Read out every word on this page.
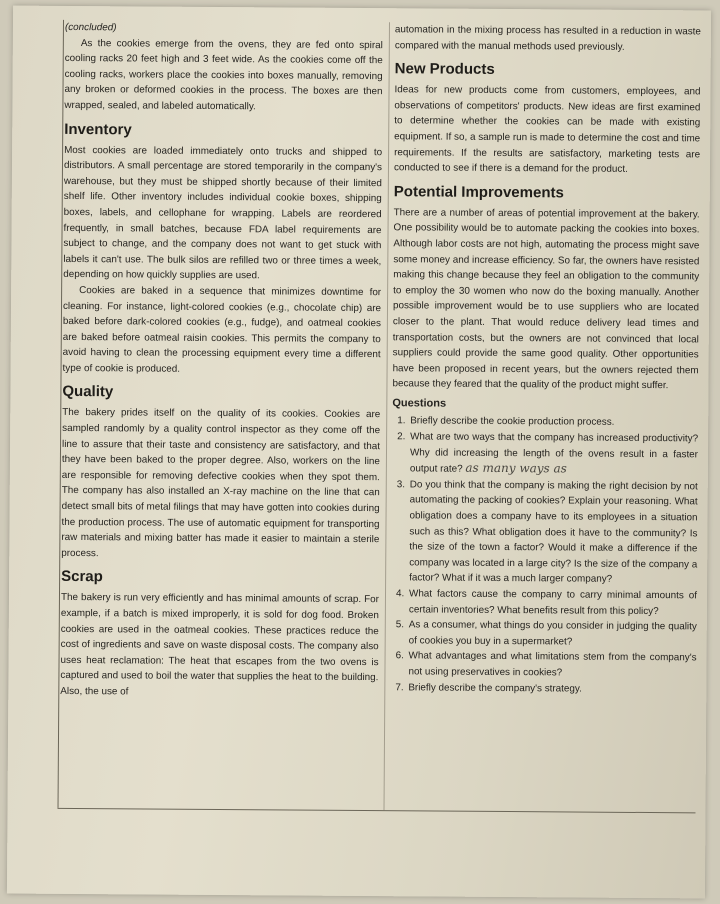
(concluded)

As the cookies emerge from the ovens, they are fed onto spiral cooling racks 20 feet high and 3 feet wide. As the cookies come off the cooling racks, workers place the cookies into boxes manually, removing any broken or deformed cookies in the process. The boxes are then wrapped, sealed, and labeled automatically.

Inventory

Most cookies are loaded immediately onto trucks and shipped to distributors. A small percentage are stored temporarily in the company's warehouse, but they must be shipped shortly because of their limited shelf life. Other inventory includes individual cookie boxes, shipping boxes, labels, and cellophane for wrapping. Labels are reordered frequently, in small batches, because FDA label requirements are subject to change, and the company does not want to get stuck with labels it can't use. The bulk silos are refilled two or three times a week, depending on how quickly supplies are used.

Cookies are baked in a sequence that minimizes downtime for cleaning. For instance, light-colored cookies (e.g., chocolate chip) are baked before dark-colored cookies (e.g., fudge), and oatmeal cookies are baked before oatmeal raisin cookies. This permits the company to avoid having to clean the processing equipment every time a different type of cookie is produced.

Quality

The bakery prides itself on the quality of its cookies. Cookies are sampled randomly by a quality control inspector as they come off the line to assure that their taste and consistency are satisfactory, and that they have been baked to the proper degree. Also, workers on the line are responsible for removing defective cookies when they spot them. The company has also installed an X-ray machine on the line that can detect small bits of metal filings that may have gotten into cookies during the production process. The use of automatic equipment for transporting raw materials and mixing batter has made it easier to maintain a sterile process.

Scrap

The bakery is run very efficiently and has minimal amounts of scrap. For example, if a batch is mixed improperly, it is sold for dog food. Broken cookies are used in the oatmeal cookies. These practices reduce the cost of ingredients and save on waste disposal costs. The company also uses heat reclamation: The heat that escapes from the two ovens is captured and used to boil the water that supplies the heat to the building. Also, the use of

automation in the mixing process has resulted in a reduction in waste compared with the manual methods used previously.

New Products

Ideas for new products come from customers, employees, and observations of competitors' products. New ideas are first examined to determine whether the cookies can be made with existing equipment. If so, a sample run is made to determine the cost and time requirements. If the results are satisfactory, marketing tests are conducted to see if there is a demand for the product.

Potential Improvements

There are a number of areas of potential improvement at the bakery. One possibility would be to automate packing the cookies into boxes. Although labor costs are not high, automating the process might save some money and increase efficiency. So far, the owners have resisted making this change because they feel an obligation to the community to employ the 30 women who now do the boxing manually. Another possible improvement would be to use suppliers who are located closer to the plant. That would reduce delivery lead times and transportation costs, but the owners are not convinced that local suppliers could provide the same good quality. Other opportunities have been proposed in recent years, but the owners rejected them because they feared that the quality of the product might suffer.

Questions
1. Briefly describe the cookie production process.
2. What are two ways that the company has increased productivity? Why did increasing the length of the ovens result in a faster output rate? as many ways as
3. Do you think that the company is making the right decision by not automating the packing of cookies? Explain your reasoning. What obligation does a company have to its employees in a situation such as this? What obligation does it have to the community? Is the size of the town a factor? Would it make a difference if the company was located in a large city? Is the size of the company a factor? What if it was a much larger company?
4. What factors cause the company to carry minimal amounts of certain inventories? What benefits result from this policy?
5. As a consumer, what things do you consider in judging the quality of cookies you buy in a supermarket?
6. What advantages and what limitations stem from the company's not using preservatives in cookies?
7. Briefly describe the company's strategy.
